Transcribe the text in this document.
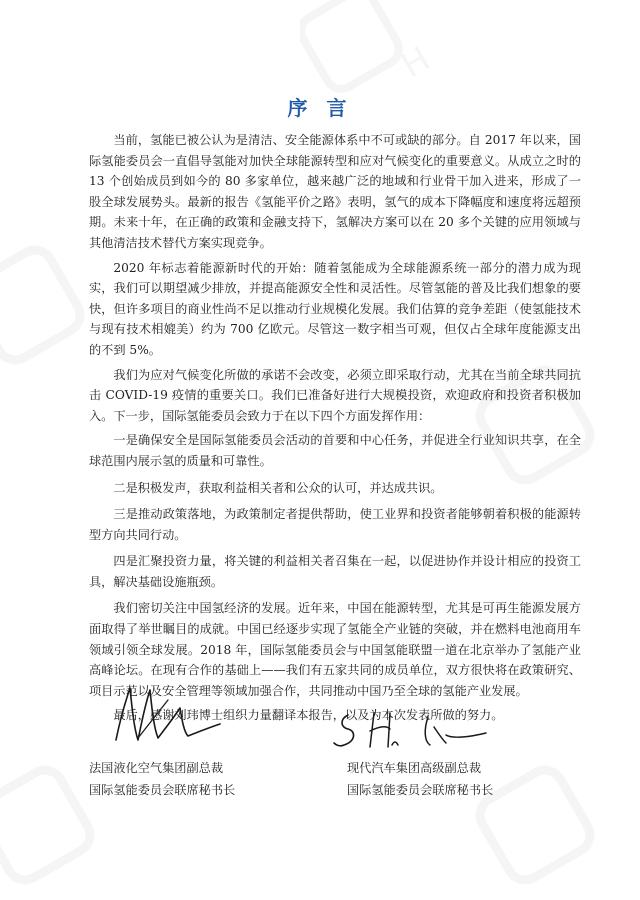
H
序 言

当前，氢能已被公认为是清洁、安全能源体系中不可或缺的部分。自 2017 年以来，国际氢能委员会一直倡导氢能对加快全球能源转型和应对气候变化的重要意义。从成立之时的 13 个创始成员到如今的 80 多家单位，越来越广泛的地域和行业骨干加入进来，形成了一股全球发展势头。最新的报告《氢能平价之路》表明，氢气的成本下降幅度和速度将远超预期。未来十年，在正确的政策和金融支持下，氢解决方案可以在 20 多个关键的应用领域与其他清洁技术替代方案实现竞争。

2020 年标志着能源新时代的开始：随着氢能成为全球能源系统一部分的潜力成为现实，我们可以期望减少排放，并提高能源安全性和灵活性。尽管氢能的普及比我们想象的要快，但许多项目的商业性尚不足以推动行业规模化发展。我们估算的竞争差距（使氢能技术与现有技术相媲美）约为 700 亿欧元。尽管这一数字相当可观，但仅占全球年度能源支出的不到 5%。

我们为应对气候变化所做的承诺不会改变，必须立即采取行动，尤其在当前全球共同抗击 COVID-19 疫情的重要关口。我们已准备好进行大规模投资，欢迎政府和投资者积极加入。下一步，国际氢能委员会致力于在以下四个方面发挥作用：

一是确保安全是国际氢能委员会活动的首要和中心任务，并促进全行业知识共享，在全球范围内展示氢的质量和可靠性。

二是积极发声，获取利益相关者和公众的认可，并达成共识。

三是推动政策落地，为政策制定者提供帮助，使工业界和投资者能够朝着积极的能源转型方向共同行动。

四是汇聚投资力量，将关键的利益相关者召集在一起，以促进协作并设计相应的投资工具，解决基础设施瓶颈。

我们密切关注中国氢经济的发展。近年来，中国在能源转型，尤其是可再生能源发展方面取得了举世瞩目的成就。中国已经逐步实现了氢能全产业链的突破，并在燃料电池商用车领域引领全球发展。2018 年，国际氢能委员会与中国氢能联盟一道在北京举办了氢能产业高峰论坛。在现有合作的基础上——我们有五家共同的成员单位，双方很快将在政策研究、项目示范以及安全管理等领域加强合作，共同推动中国乃至全球的氢能产业发展。

最后，感谢刘玮博士组织力量翻译本报告，以及为本次发表所做的努力。

法国液化空气集团副总裁
国际氢能委员会联席秘书长
现代汽车集团高级副总裁
国际氢能委员会联席秘书长
